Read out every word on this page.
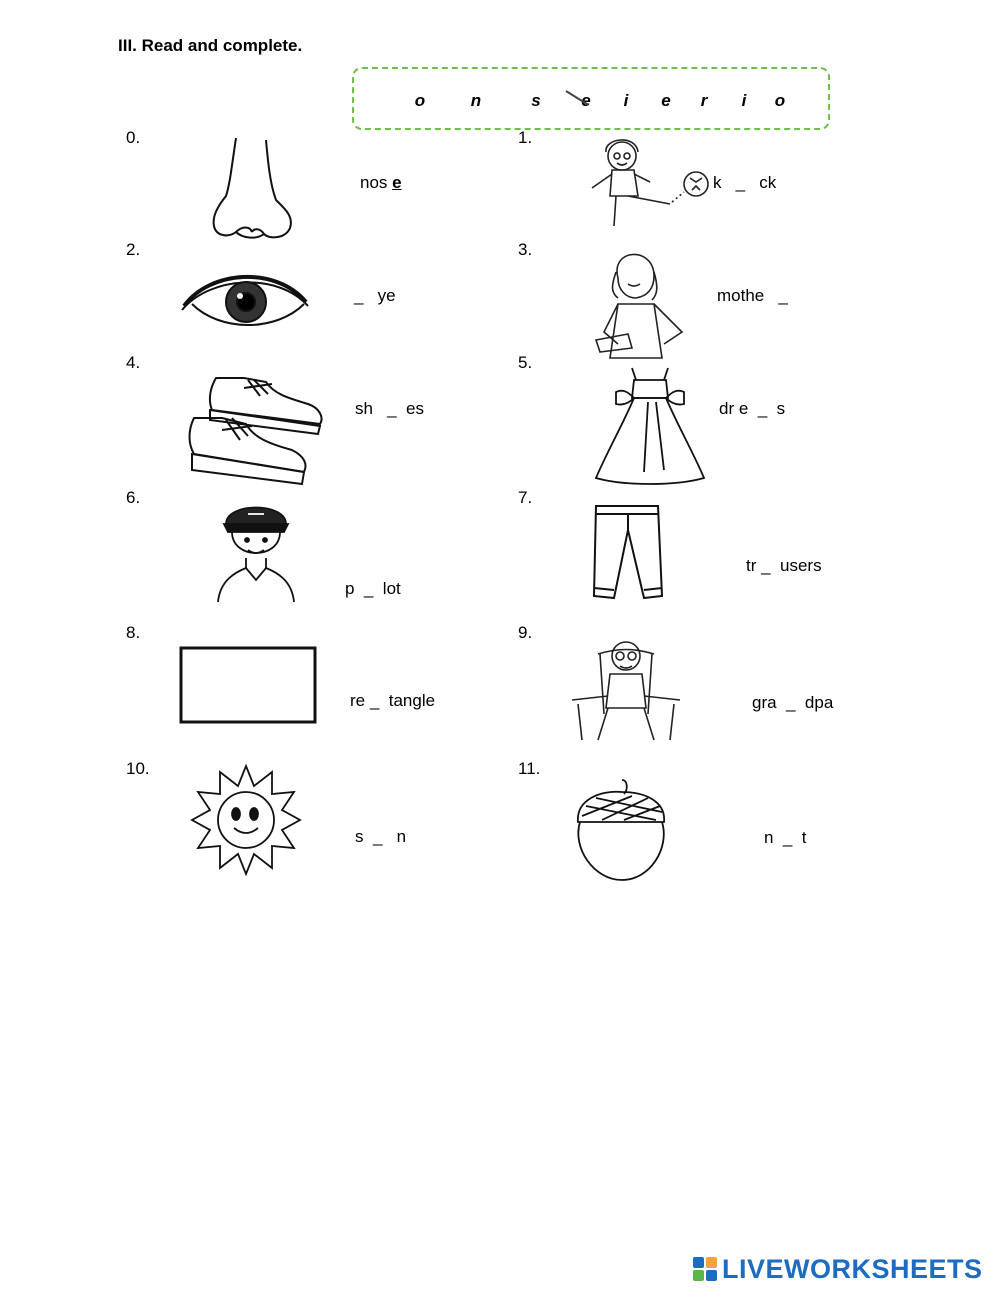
III. Read and complete.
o	n	s e	i	e r	i	o
0.
nos e
1.
k   _   ck
2.
_   ye
3.
mothe   _
4.
sh   _  es
5.
dr e  _  s
6.
p  _  lot
7.
tr _  users
8.
re _  tangle
9.
gra  _  dpa
10.
s  _   n
11.
n  _  t
LIVEWORKSHEETS
